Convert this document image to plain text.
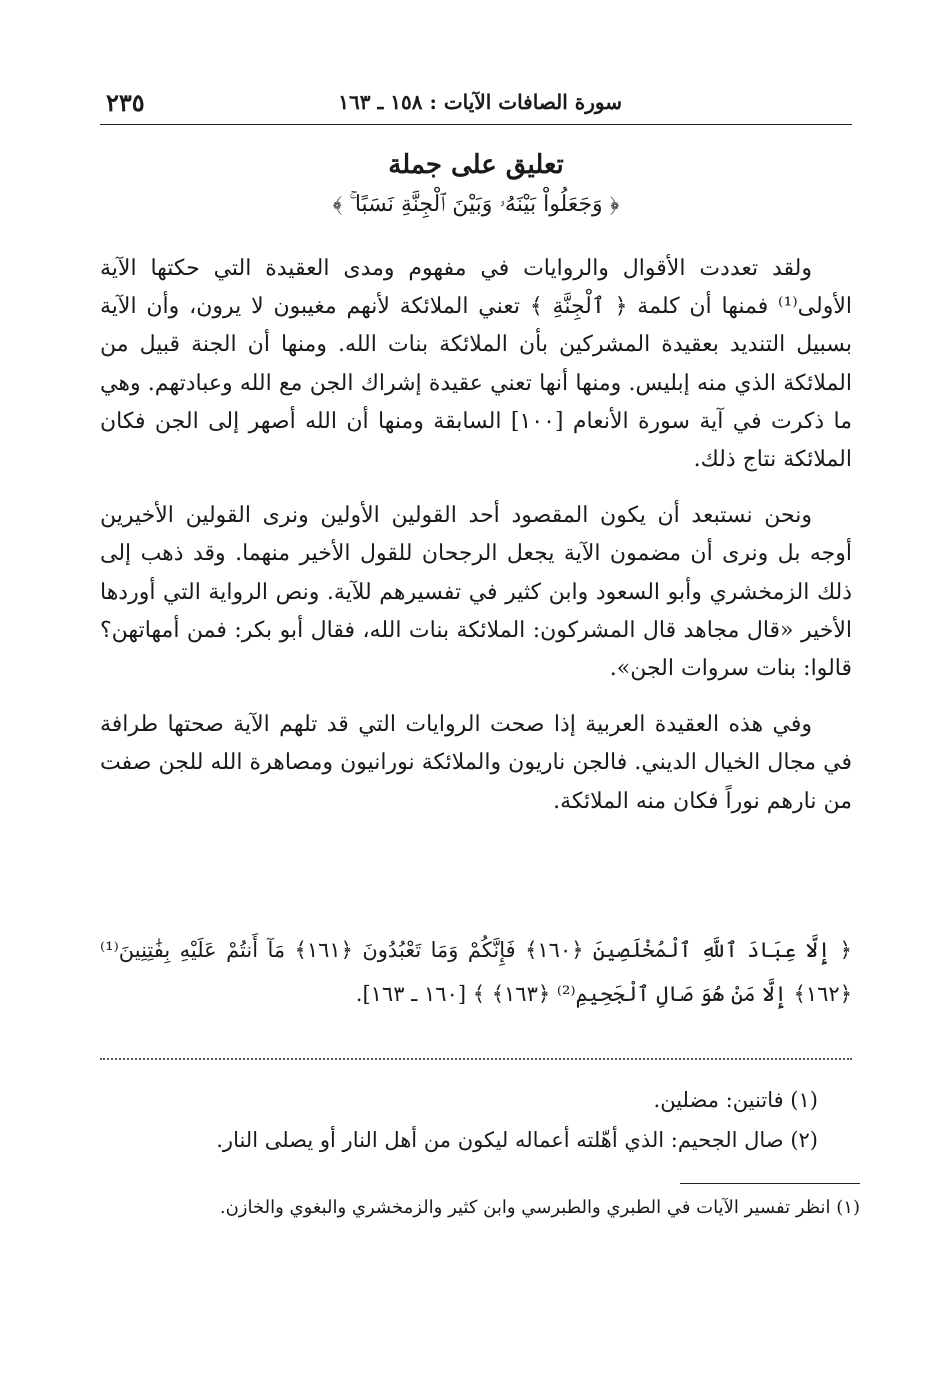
٢٣٥	سورة الصافات الآيات : ١٥٨ ـ ١٦٣
تعليق على جملة
﴿ وَجَعَلُواْ بَيْنَهُۥ وَبَيْنَ ٱلْجِنَّةِ نَسَبًا ۚ ﴾

ولقد تعددت الأقوال والروايات في مفهوم ومدى العقيدة التي حكتها الآية الأولى⁽¹⁾ فمنها أن كلمة ﴿ ٱلْجِنَّةِ ﴾ تعني الملائكة لأنهم مغيبون لا يرون، وأن الآية بسبيل التنديد بعقيدة المشركين بأن الملائكة بنات الله. ومنها أن الجنة قبيل من الملائكة الذي منه إبليس. ومنها أنها تعني عقيدة إشراك الجن مع الله وعبادتهم. وهي ما ذكرت في آية سورة الأنعام [١٠٠] السابقة ومنها أن الله أصهر إلى الجن فكان الملائكة نتاج ذلك.

ونحن نستبعد أن يكون المقصود أحد القولين الأولين ونرى القولين الأخيرين أوجه بل ونرى أن مضمون الآية يجعل الرجحان للقول الأخير منهما. وقد ذهب إلى ذلك الزمخشري وأبو السعود وابن كثير في تفسيرهم للآية. ونص الرواية التي أوردها الأخير «قال مجاهد قال المشركون: الملائكة بنات الله، فقال أبو بكر: فمن أمهاتهن؟ قالوا: بنات سروات الجن».

وفي هذه العقيدة العربية إذا صحت الروايات التي قد تلهم الآية صحتها طرافة في مجال الخيال الديني. فالجن ناريون والملائكة نورانيون ومصاهرة الله للجن صفت من نارهم نوراً فكان منه الملائكة.

﴿ إِلَّا عِبَادَ ٱللَّهِ ٱلْمُخْلَصِينَ ﴿١٦٠﴾ فَإِنَّكُمْ وَمَا تَعْبُدُونَ ﴿١٦١﴾ مَآ أَنتُمْ عَلَيْهِ بِفَٰتِنِينَ⁽¹⁾ ﴿١٦٢﴾ إِلَّا مَنْ هُوَ صَالِ ٱلْجَحِيمِ⁽²⁾ ﴿١٦٣﴾ ﴾ [١٦٠ ـ ١٦٣].

(١) فاتنين: مضلين.

(٢) صال الجحيم: الذي أهّلته أعماله ليكون من أهل النار أو يصلى النار.

(١) انظر تفسير الآيات في الطبري والطبرسي وابن كثير والزمخشري والبغوي والخازن.
